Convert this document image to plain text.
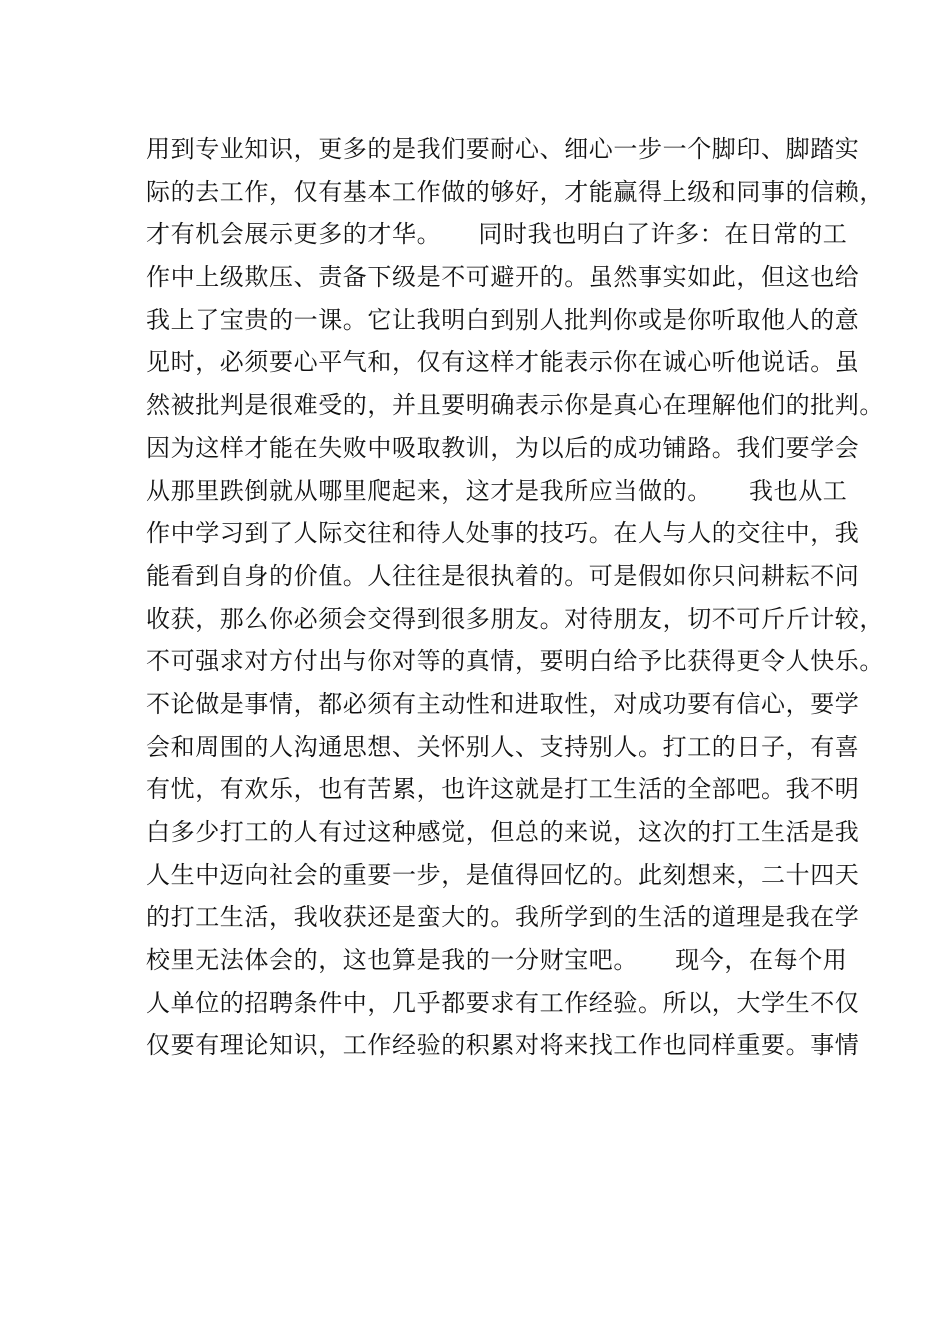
用到专业知识，更多的是我们要耐心、细心一步一个脚印、脚踏实
际的去工作，仅有基本工作做的够好，才能赢得上级和同事的信赖，
才有机会展示更多的才华。　　同时我也明白了许多：在日常的工
作中上级欺压、责备下级是不可避开的。虽然事实如此，但这也给
我上了宝贵的一课。它让我明白到别人批判你或是你听取他人的意
见时，必须要心平气和，仅有这样才能表示你在诚心听他说话。虽
然被批判是很难受的，并且要明确表示你是真心在理解他们的批判。
因为这样才能在失败中吸取教训，为以后的成功铺路。我们要学会
从那里跌倒就从哪里爬起来，这才是我所应当做的。　　我也从工
作中学习到了人际交往和待人处事的技巧。在人与人的交往中，我
能看到自身的价值。人往往是很执着的。可是假如你只问耕耘不问
收获，那么你必须会交得到很多朋友。对待朋友，切不可斤斤计较，
不可强求对方付出与你对等的真情，要明白给予比获得更令人快乐。
不论做是事情，都必须有主动性和进取性，对成功要有信心，要学
会和周围的人沟通思想、关怀别人、支持别人。打工的日子，有喜
有忧，有欢乐，也有苦累，也许这就是打工生活的全部吧。我不明
白多少打工的人有过这种感觉，但总的来说，这次的打工生活是我
人生中迈向社会的重要一步，是值得回忆的。此刻想来，二十四天
的打工生活，我收获还是蛮大的。我所学到的生活的道理是我在学
校里无法体会的，这也算是我的一分财宝吧。　　现今，在每个用
人单位的招聘条件中，几乎都要求有工作经验。所以，大学生不仅
仅要有理论知识，工作经验的积累对将来找工作也同样重要。事情
